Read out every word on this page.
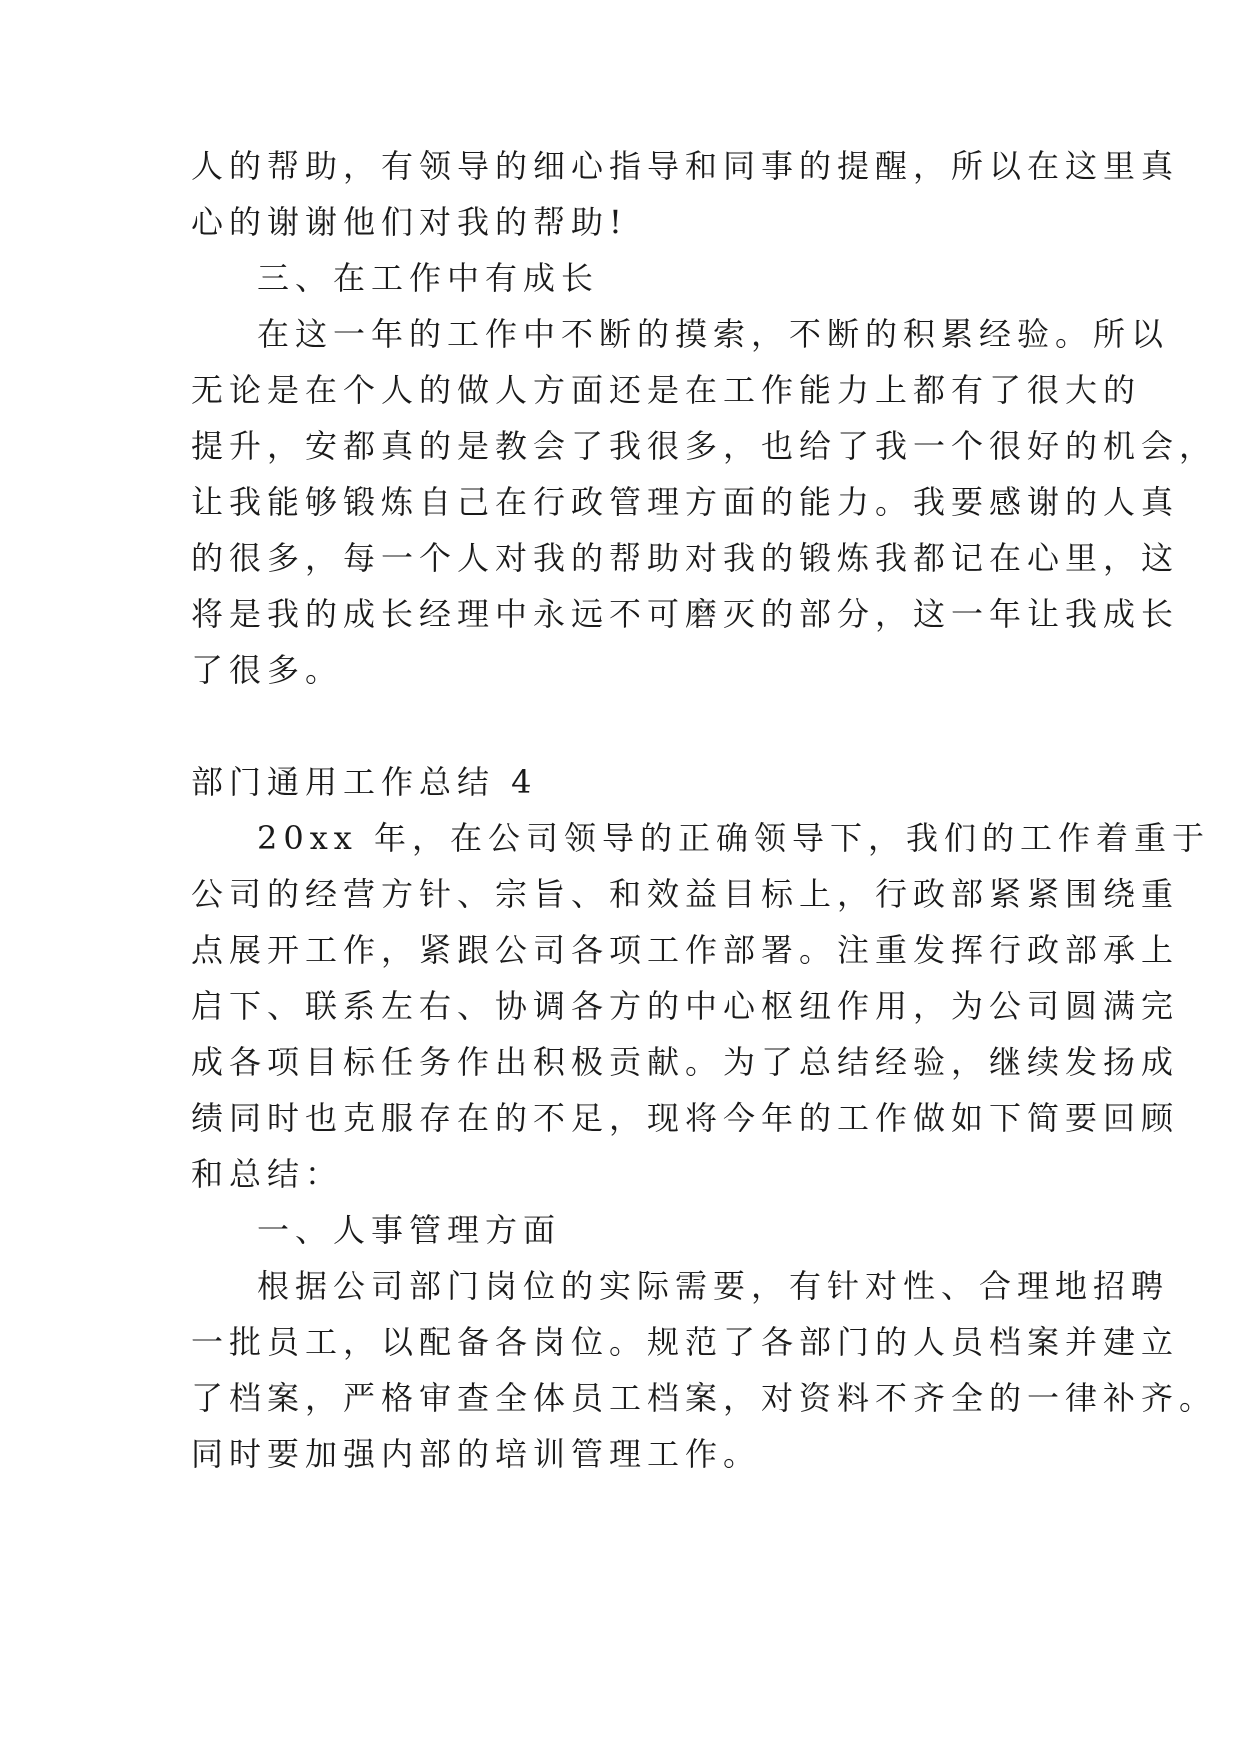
人的帮助，有领导的细心指导和同事的提醒，所以在这里真
心的谢谢他们对我的帮助!
三、在工作中有成长
在这一年的工作中不断的摸索，不断的积累经验。所以
无论是在个人的做人方面还是在工作能力上都有了很大的
提升，安都真的是教会了我很多，也给了我一个很好的机会，
让我能够锻炼自己在行政管理方面的能力。我要感谢的人真
的很多，每一个人对我的帮助对我的锻炼我都记在心里，这
将是我的成长经理中永远不可磨灭的部分，这一年让我成长
了很多。
部门通用工作总结 4
20xx 年，在公司领导的正确领导下，我们的工作着重于
公司的经营方针、宗旨、和效益目标上，行政部紧紧围绕重
点展开工作，紧跟公司各项工作部署。注重发挥行政部承上
启下、联系左右、协调各方的中心枢纽作用，为公司圆满完
成各项目标任务作出积极贡献。为了总结经验，继续发扬成
绩同时也克服存在的不足，现将今年的工作做如下简要回顾
和总结：
一、人事管理方面
根据公司部门岗位的实际需要，有针对性、合理地招聘
一批员工，以配备各岗位。规范了各部门的人员档案并建立
了档案，严格审查全体员工档案，对资料不齐全的一律补齐。
同时要加强内部的培训管理工作。
